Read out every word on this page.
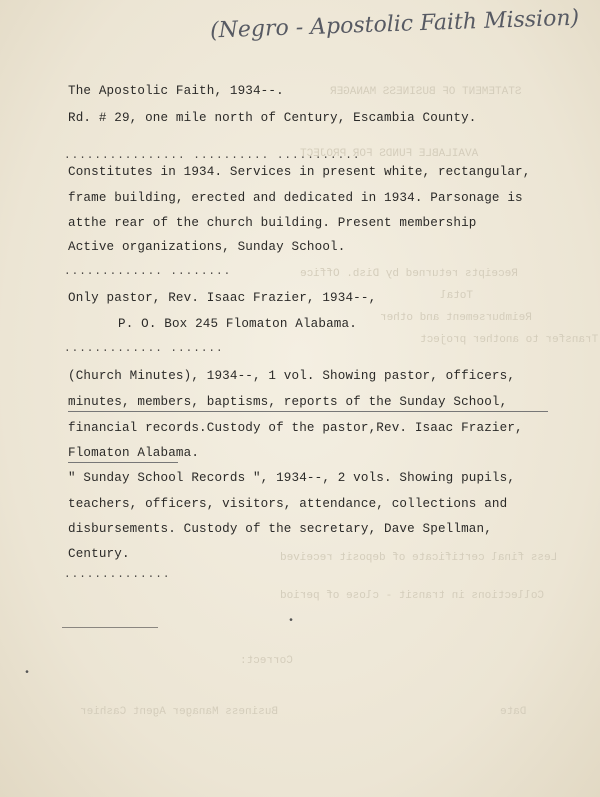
STATEMENT OF BUSINESS MANAGER
AVAILABLE FUNDS FOR PROJECT
Receipts returned by Disb. Office
Total
Reimbursement and other
Transfer to another project
Less final certificate of deposit received
Collections in transit - close of period
Correct:
Business Manager Agent Cashier	Date
(Negro - Apostolic Faith Mission)
The Apostolic Faith, 1934--.
Rd. # 29, one mile north of Century, Escambia County.
................ .......... ...........
Constitutes in 1934. Services in present white, rectangular,
frame building, erected and dedicated in 1934. Parsonage is
atthe rear of the church building. Present membership
Active organizations, Sunday School.
............. ........
Only pastor, Rev. Isaac Frazier, 1934--,
P. O. Box 245 Flomaton Alabama.
............. .......
(Church Minutes), 1934--, 1 vol. Showing pastor, officers,
minutes, members, baptisms, reports of the Sunday School,
financial records.Custody of the pastor,Rev. Isaac Frazier,
Flomaton Alabama.
" Sunday School Records ", 1934--, 2 vols. Showing pupils,
teachers, officers, visitors, attendance, collections and
disbursements. Custody of the secretary, Dave Spellman,
Century.
..............
•
•
